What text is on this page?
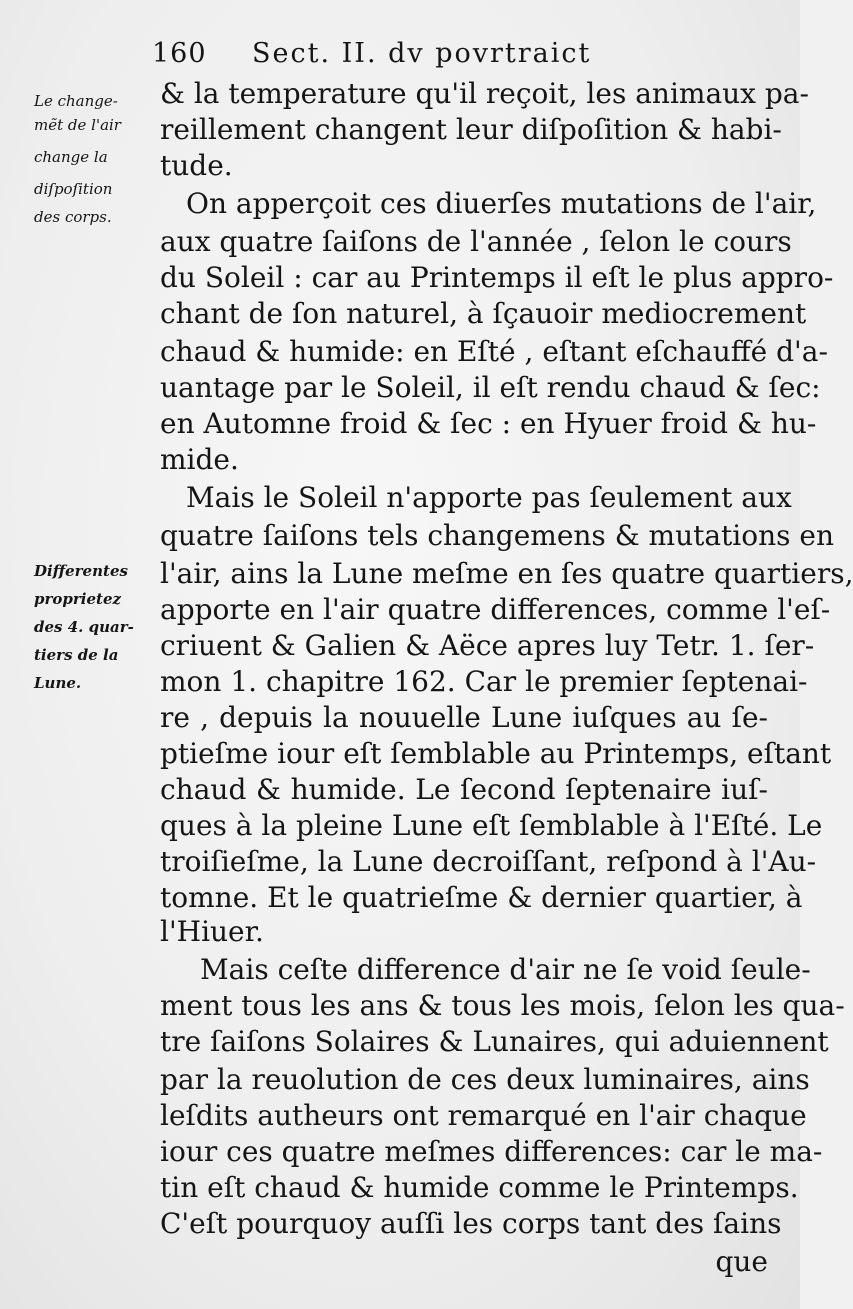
160 Sect. II. dv povrtraict
Le change-
mẽt de l'air
change la
diſpoſition
des corps.
Differentes
proprietez
des 4. quar-
tiers de la
Lune.
& la temperature qu'il reçoit, les animaux pa-
reillement changent leur diſpoſition & habi-
tude.
On apperçoit ces diuerſes mutations de l'air,
aux quatre ſaiſons de l'année , ſelon le cours
du Soleil : car au Printemps il eſt le plus appro-
chant de ſon naturel, à ſçauoir mediocrement
chaud & humide: en Eſté , eſtant eſchauffé d'a-
uantage par le Soleil, il eſt rendu chaud & ſec:
en Automne froid & ſec : en Hyuer froid & hu-
mide.
Mais le Soleil n'apporte pas ſeulement aux
quatre ſaiſons tels changemens & mutations en
l'air, ains la Lune meſme en ſes quatre quartiers,
apporte en l'air quatre differences, comme l'eſ-
criuent & Galien & Aëce apres luy Tetr. 1. ſer-
mon 1. chapitre 162. Car le premier ſeptenai-
re , depuis la nouuelle Lune iuſques au ſe-
ptieſme iour eſt ſemblable au Printemps, eſtant
chaud & humide. Le ſecond ſeptenaire iuſ-
ques à la pleine Lune eſt ſemblable à l'Eſté. Le
troiſieſme, la Lune decroiſſant, reſpond à l'Au-
tomne. Et le quatrieſme & dernier quartier, à
l'Hiuer.
Mais ceſte difference d'air ne ſe void ſeule-
ment tous les ans & tous les mois, ſelon les qua-
tre ſaiſons Solaires & Lunaires, qui aduiennent
par la reuolution de ces deux luminaires, ains
leſdits autheurs ont remarqué en l'air chaque
iour ces quatre meſmes differences: car le ma-
tin eſt chaud & humide comme le Printemps.
C'eſt pourquoy auſſi les corps tant des ſains
que
